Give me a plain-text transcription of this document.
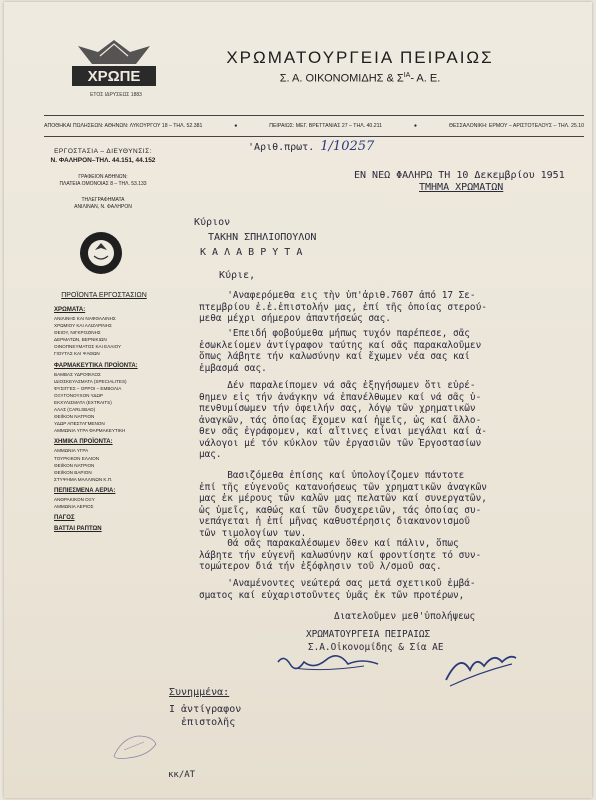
ΧΡΩΠΕ
ΕΤΟΣ ΙΔΡΥΣΕΩΣ 1883
ΧΡΩΜΑΤΟΥΡΓΕΙΑ ΠΕΙΡΑΙΩΣ
Σ. Α. ΟΙΚΟΝΟΜΙΔΗΣ & $\Sigma^{IA}-$ Α. Ε.
ΑΠΟΘΗΚΑΙ ΠΩΛΗΣΕΩΝ: ΑΘΗΝΩΝ: ΛΥΚΟΥΡΓΟΥ 18 – ΤΗΛ. 52.381	●	ΠΕΙΡΑΙΩΣ: ΜΕΓ. ΒΡΕΤΤΑΝΙΑΣ 27 – ΤΗΛ. 40.211	●	ΘΕΣΣΑΛΟΝΙΚΗ: ΕΡΜΟΥ – ΑΡΙΣΤΟΤΕΛΟΥΣ – ΤΗΛ. 25.10
ΕΡΓΟΣΤΑΣΙΑ – ΔΙΕΥΘΥΝΣΙΣ:
Ν. ΦΑΛΗΡΟΝ–ΤΗΛ. 44.151, 44.152
ΓΡΑΦΕΙΟΝ ΑΘΗΝΩΝ:
ΠΛΑΤΕΙΑ ΟΜΟΝΟΙΑΣ 8 – ΤΗΛ. 53.133
ΤΗΛΕΓΡΑΦΗΜΑΤΑ
ΑΝΙΛΙΝΑΝ, Ν. ΦΑΛΗΡΟΝ
'Αριθ.πρωτ. 1/10257
ΕΝ ΝΕΩ ΦΑΛΗΡΩ ΤΗ 10 Δεκεμβρίου 1951
ΤΜΗΜΑ ΧΡΩΜΑΤΩΝ
Κύριον
ΤΑΚΗΝ ΣΠΗΛΙΟΠΟΥΛΟΝ
Κ Α Λ Α Β Ρ Υ Τ Α
ΠΡΟΪΟΝΤΑ ΕΡΓΟΣΤΑΣΙΩΝ
ΧΡΩΜΑΤΑ:
ΑΝΙΛΙΝΗΣ ΚΑΙ ΝΑΦΘΑΛΙΝΗΣ
ΧΡΩΜΙΟΥ ΚΑΙ ΑΛΙΖΑΡΙΝΗΣ
ΘΕΙΟΥ, ΝΙΓΚΡΟΖΙΝΗΣ
ΔΕΡΜΑΤΩΝ, ΒΕΡΝΙΚΙΩΝ
ΟΙΝΟΠΝΕΥΜΑΤΟΣ ΚΑΙ ΕΛΑΙΟΥ
ΓΙΟΥΤΑΣ ΚΑΙ ΨΑΘΩΝ
ΦΑΡΜΑΚΕΥΤΙΚΑ ΠΡΟΪΟΝΤΑ:
ΒΑΜΒΑΣ ΥΔΡΟΦΙΛΟΣ
ΙΔΙΟΣΚΕΥΑΣΜΑΤΑ (SPECIALITES)
ΦΥΣΙΓΓΕΣ – ΟΡΡΟΙ – ΕΜΒΟΛΙΑ
ΟΞΥΓΟΝΟΥΧΟΝ ΥΔΩΡ
ΕΚΧΥΛΙΣΜΑΤΑ (EXTRAITS)
ΑΛΑΣ (CARLSBAD)
ΘΕΙΪΚΟΝ ΝΑΤΡΙΟΝ
ΥΔΩΡ ΑΠΕΣΤΑΓΜΕΝΟΝ
ΑΜΜΩΝΙΑ ΥΓΡΑ ΦΑΡΜΑΚΕΥΤΙΚΗ
ΧΗΜΙΚΑ ΠΡΟΪΟΝΤΑ:
ΑΜΜΩΝΙΑ ΥΓΡΑ
ΤΟΥΡΚΙΚΟΝ ΕΛΑΙΟΝ
ΘΕΙΪΚΟΝ ΝΑΤΡΙΟΝ
ΘΕΙΪΚΟΝ ΒΑΡΙΟΝ
ΣΤΥΨΗΜΑ ΜΑΛΛΙΝΩΝ Κ.Π.
ΠΕΠΙΕΣΜΕΝΑ ΑΕΡΙΑ:
ΑΝΘΡΑΚΙΚΟΝ ΟΞΥ
ΑΜΜΩΝΙΑ ΑΕΡΙΟΣ
ΠΑΓΟΣ
ΒΑΤΤΑΙ ΡΑΠΤΩΝ
Κύριε,
'Αναφερόμεθα εις τὴν ὑπ'ἀριθ.7607 ἀπό 17 Σε-
πτεμβρίου ἐ.ἐ.ἐπιστολήν μας, ἐπί τῆς ὁποίας στερού-
μεθα μέχρι σήμερον ἀπαντήσεώς σας.
'Επειδή φοβούμεθα μήπως τυχόν παρέπεσε, σᾶς
ἐσωκλείομεν ἀντίγραφον ταύτης καί σᾶς παρακαλοῦμεν
ὅπως λάβητε τήν καλωσύνην καί ἔχωμεν νέα σας καί
ἐμβασμά σας.
Δέν παραλείπομεν νά σᾶς ἐξηγήσωμεν ὅτι εὑρέ-
θημεν εἰς τήν ἀνάγκην νά ἐπανέλθωμεν καί νά σᾶς ὑ-
πενθυμίσωμεν τήν ὀφειλήν σας, λόγῳ τῶν χρηματικῶν
ἀναγκῶν, τάς ὁποίας ἔχομεν καί ἡμεῖς, ὡς καί ἄλλο-
θεν σᾶς ἐγράφομεν, καί αἵτινες εἶναι μεγάλαι καί ἀ-
νάλογοι μέ τόν κύκλον τῶν ἐργασιῶν τῶν Ἐργοστασίων
μας.
Βασιζόμεθα ἐπίσης καί ὑπολογίζομεν πάντοτε
ἐπί τῆς εὐγενοῦς κατανοήσεως τῶν χρηματικῶν ἀναγκῶν
μας ἐκ μέρους τῶν καλῶν μας πελατῶν καί συνεργατῶν,
ὡς ὑμεῖς, καθώς καί τῶν δυσχερειῶν, τάς ὁποίας συ-
νεπάγεται ἡ ἐπί μῆνας καθυστέρησις διακανονισμοῦ
τῶν τιμολογίων των.
Θά σᾶς παρακαλέσωμεν ὅθεν καί πάλιν, ὅπως
λάβητε τήν εὐγενῆ καλωσύνην καί φροντίσητε τό συν-
τομώτερον διά τήν ἐξόφλησιν τοῦ λ/σμοῦ σας.
'Αναμένοντες νεώτερά σας μετά σχετικοῦ ἐμβά-
σματος καί εὐχαριστοῦντες ὑμᾶς ἐκ τῶν προτέρων,
Διατελοῦμεν μεθ'ὑπολήψεως
ΧΡΩΜΑΤΟΥΡΓΕΙΑ ΠΕΙΡΑΙΩΣ
Σ.Α.Οἰκονομίδης & Σία ΑΕ
Συνημμένα:
Ι ἀντίγραφον
ἐπιστολῆς
κκ/ΑΤ
